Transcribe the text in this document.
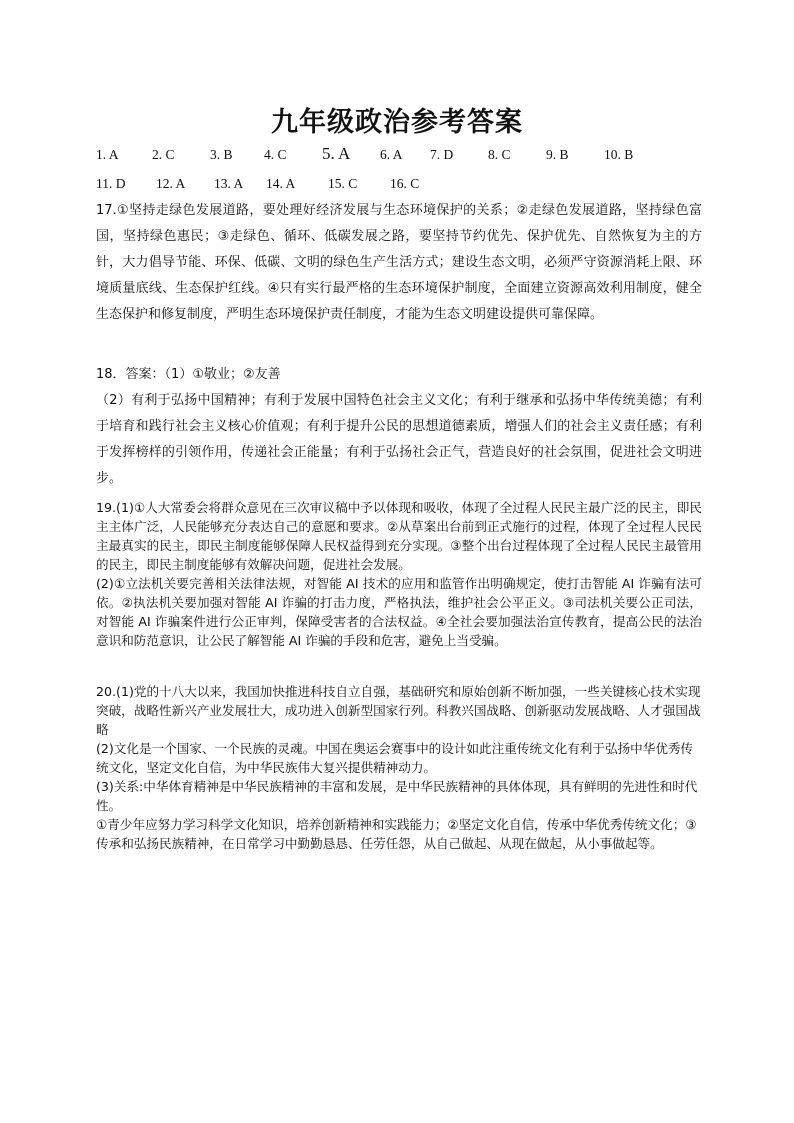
九年级政治参考答案
1. A 2. C	3. B 4. C 5. A 6. A 7. D	8. C	9. B	10. B
11. D 12. A 13. A 14. A 15. C 16. C
17.①坚持走绿色发展道路，要处理好经济发展与生态环境保护的关系；②走绿色发展道路，坚持绿色富国，坚持绿色惠民；③走绿色、循环、低碳发展之路，要坚持节约优先、保护优先、自然恢复为主的方针，大力倡导节能、环保、低碳、文明的绿色生产生活方式；建设生态文明，必须严守资源消耗上限、环境质量底线、生态保护红线。④只有实行最严格的生态环境保护制度，全面建立资源高效利用制度，健全生态保护和修复制度，严明生态环境保护责任制度，才能为生态文明建设提供可靠保障。
18．答案：（1）①敬业；②友善
（2）有利于弘扬中国精神；有利于发展中国特色社会主义文化；有利于继承和弘扬中华传统美德；有利于培育和践行社会主义核心价值观；有利于提升公民的思想道德素质，增强人们的社会主义责任感；有利于发挥榜样的引领作用，传递社会正能量；有利于弘扬社会正气，营造良好的社会氛围，促进社会文明进步。
19.(1)①人大常委会将群众意见在三次审议稿中予以体现和吸收，体现了全过程人民民主最广泛的民主，即民主主体广泛，人民能够充分表达自己的意愿和要求。②从草案出台前到正式施行的过程，体现了全过程人民民主最真实的民主，即民主制度能够保障人民权益得到充分实现。③整个出台过程体现了全过程人民民主最管用的民主，即民主制度能够有效解决问题，促进社会发展。
(2)①立法机关要完善相关法律法规，对智能 AI 技术的应用和监管作出明确规定，使打击智能 AI 诈骗有法可依。②执法机关要加强对智能 AI 诈骗的打击力度，严格执法，维护社会公平正义。③司法机关要公正司法，对智能 AI 诈骗案件进行公正审判，保障受害者的合法权益。④全社会要加强法治宣传教育，提高公民的法治意识和防范意识，让公民了解智能 AI 诈骗的手段和危害，避免上当受骗。
20.(1)党的十八大以来，我国加快推进科技自立自强，基础研究和原始创新不断加强，一些关键核心技术实现突破，战略性新兴产业发展壮大，成功进入创新型国家行列。科教兴国战略、创新驱动发展战略、人才强国战略
(2)文化是一个国家、一个民族的灵魂。中国在奥运会赛事中的设计如此注重传统文化有利于弘扬中华优秀传统文化，坚定文化自信，为中华民族伟大复兴提供精神动力。
(3)关系:中华体育精神是中华民族精神的丰富和发展，是中华民族精神的具体体现，具有鲜明的先进性和时代性。
①青少年应努力学习科学文化知识，培养创新精神和实践能力；②坚定文化自信，传承中华优秀传统文化；③传承和弘扬民族精神，在日常学习中勤勤恳恳、任劳任怨，从自己做起、从现在做起，从小事做起等。
